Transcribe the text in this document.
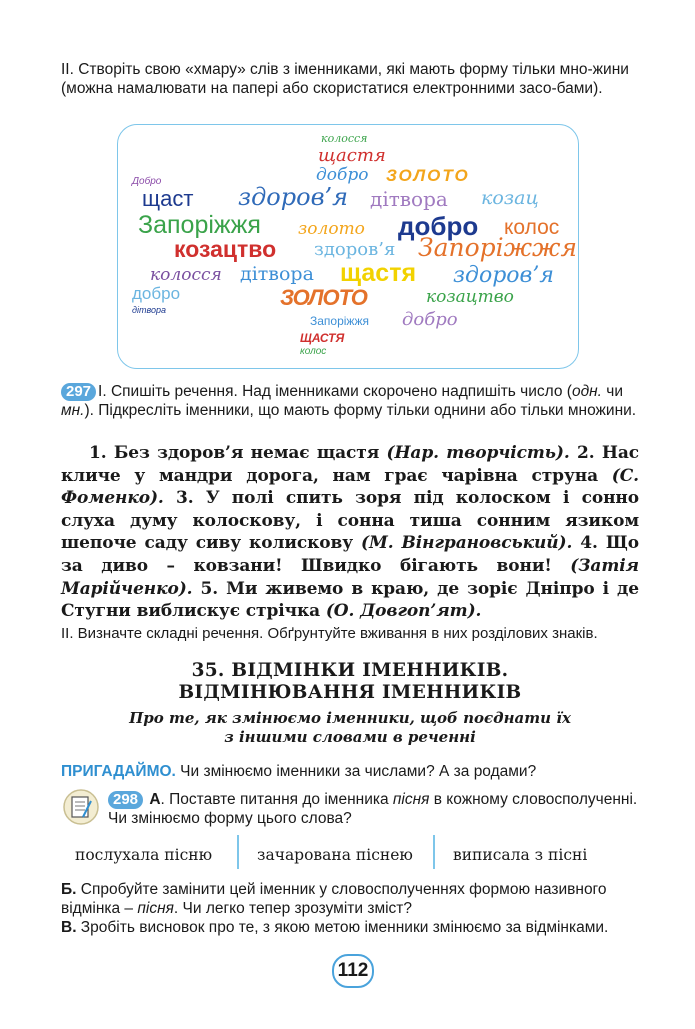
II. Створіть свою «хмару» слів з іменниками, які мають форму тільки мно-жини (можна намалювати на папері або скористатися електронними засо-бами).
колосся
щастя
добро ЗОЛОТО
Добро
щаст здоров’я дітвора козац
Запоріжжя золото добро колос
козацтво здоров’я Запоріжжя
колосся дітвора щастя здоров’я
добро	ЗОЛОТО	козацтво
дітвора
Запоріжжя добро
ЩАСТЯ
колос
297 І. Спишіть речення. Над іменниками скорочено надпишіть число (одн. чи мн.). Підкресліть іменники, що мають форму тільки однини або тільки множини.
1. Без здоров’я немає щастя (Нар. творчість). 2. Нас кличе у мандри дорога, нам грає чарівна струна (С. Фоменко). 3. У полі спить зоря під колоском і сонно слуха думу колоскову, і сонна тиша сонним язиком шепоче саду сиву колискову (М. Вінграновський). 4. Що за диво – ковзани! Швидко бігають вони! (Затія Марійченко). 5. Ми живемо в краю, де зоріє Дніпро і де Стугни виблискує стрічка (О. Довгоп’ят).
ІІ. Визначте складні речення. Обґрунтуйте вживання в них розділових знаків.
35. ВІДМІНКИ ІМЕННИКІВ.
ВІДМІНЮВАННЯ ІМЕННИКІВ
Про те, як змінюємо іменники, щоб поєднати їх
з іншими словами в реченні
ПРИГАДАЙМО. Чи змінюємо іменники за числами? А за родами?
298 А. Поставте питання до іменника пісня в кожному словосполученні. Чи змінюємо форму цього слова?
послухала пісню	зачарована піснею	виписала з пісні
Б. Спробуйте замінити цей іменник у словосполученнях формою називного відмінка – пісня. Чи легко тепер зрозуміти зміст?
В. Зробіть висновок про те, з якою метою іменники змінюємо за відмінками.
112
